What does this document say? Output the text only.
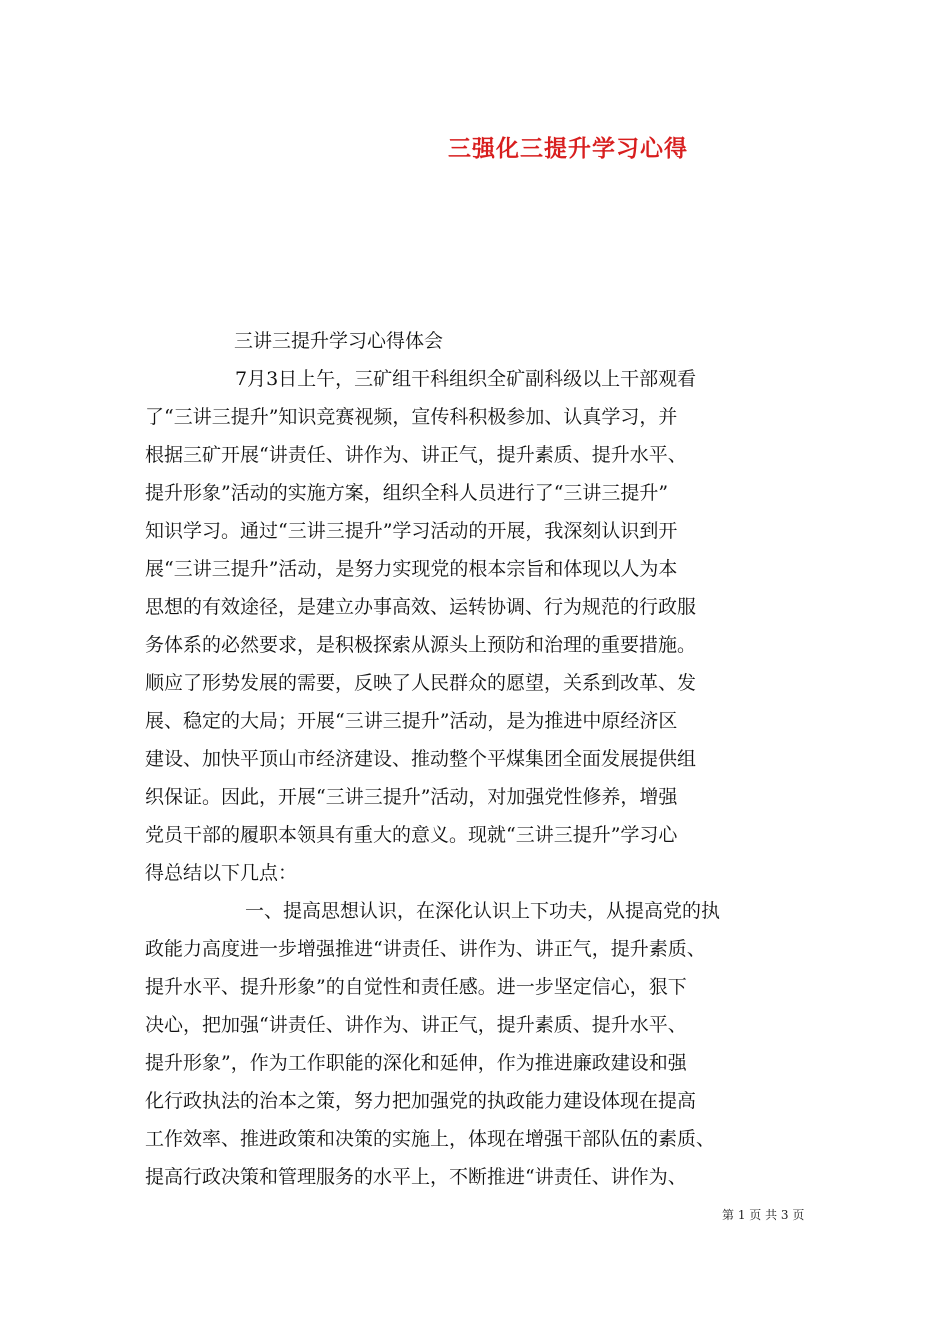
三强化三提升学习心得
三讲三提升学习心得体会
7月3日上午，三矿组干科组织全矿副科级以上干部观看
了“三讲三提升”知识竞赛视频，宣传科积极参加、认真学习，并
根据三矿开展“讲责任、讲作为、讲正气，提升素质、提升水平、
提升形象”活动的实施方案，组织全科人员进行了“三讲三提升”
知识学习。通过“三讲三提升”学习活动的开展，我深刻认识到开
展“三讲三提升”活动，是努力实现党的根本宗旨和体现以人为本
思想的有效途径，是建立办事高效、运转协调、行为规范的行政服
务体系的必然要求，是积极探索从源头上预防和治理的重要措施。
顺应了形势发展的需要，反映了人民群众的愿望，关系到改革、发
展、稳定的大局；开展“三讲三提升”活动，是为推进中原经济区
建设、加快平顶山市经济建设、推动整个平煤集团全面发展提供组
织保证。因此，开展“三讲三提升”活动，对加强党性修养，增强
党员干部的履职本领具有重大的意义。现就“三讲三提升”学习心
得总结以下几点：
一、提高思想认识，在深化认识上下功夫，从提高党的执
政能力高度进一步增强推进“讲责任、讲作为、讲正气，提升素质、
提升水平、提升形象”的自觉性和责任感。进一步坚定信心，狠下
决心，把加强“讲责任、讲作为、讲正气，提升素质、提升水平、
提升形象”，作为工作职能的深化和延伸，作为推进廉政建设和强
化行政执法的治本之策，努力把加强党的执政能力建设体现在提高
工作效率、推进政策和决策的实施上，体现在增强干部队伍的素质、
提高行政决策和管理服务的水平上，不断推进“讲责任、讲作为、
第 1 页 共 3 页
